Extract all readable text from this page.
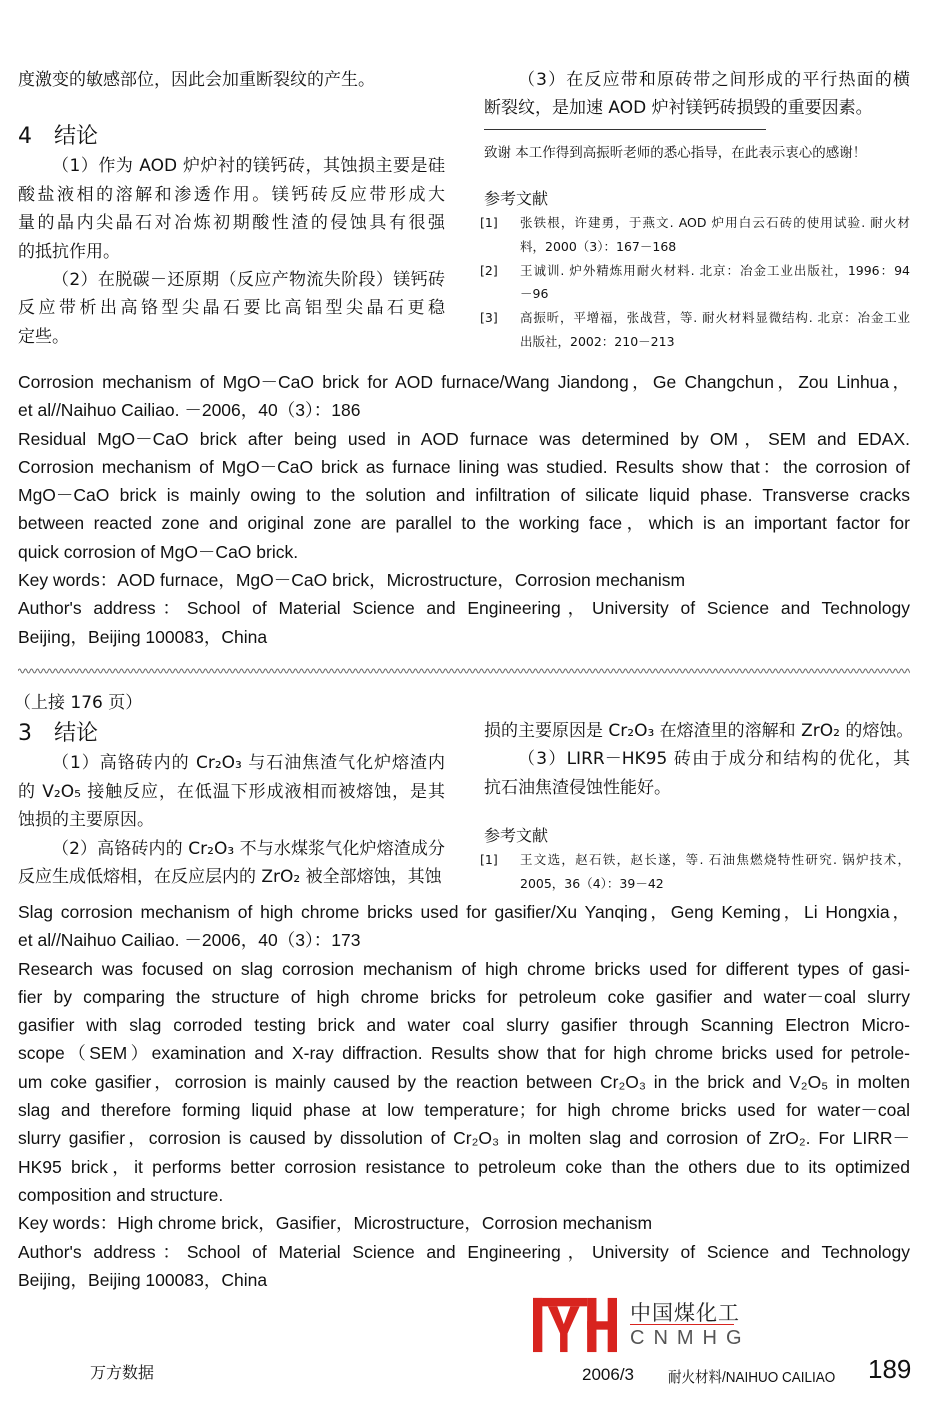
度激变的敏感部位，因此会加重断裂纹的产生。
4 结论
（1）作为 AOD 炉炉衬的镁钙砖，其蚀损主要是硅
酸盐液相的溶解和渗透作用。镁钙砖反应带形成大
量的晶内尖晶石对冶炼初期酸性渣的侵蚀具有很强
的抵抗作用。
（2）在脱碳－还原期（反应产物流失阶段）镁钙砖
反应带析出高铬型尖晶石要比高铝型尖晶石更稳
定些。
（3）在反应带和原砖带之间形成的平行热面的横
断裂纹，是加速 AOD 炉衬镁钙砖损毁的重要因素。
致谢 本工作得到高振昕老师的悉心指导，在此表示衷心的感谢！
参考文献
[1]	张铁根，许建勇，于燕文. AOD 炉用白云石砖的使用试验. 耐火材
料，2000（3）：167－168
[2]	王诚训. 炉外精炼用耐火材料. 北京：冶金工业出版社，1996：94
－96
[3]	高振昕，平增福，张战营，等. 耐火材料显微结构. 北京：冶金工业
出版社，2002：210－213
Corrosion mechanism of MgO－CaO brick for AOD furnace/Wang Jiandong，Ge Changchun，Zou Linhua，
et al//Naihuo Cailiao. －2006，40（3）：186
Residual MgO－CaO brick after being used in AOD furnace was determined by OM，SEM and EDAX.
Corrosion mechanism of MgO－CaO brick as furnace lining was studied. Results show that：the corrosion of
MgO－CaO brick is mainly owing to the solution and infiltration of silicate liquid phase. Transverse cracks
between reacted zone and original zone are parallel to the working face，which is an important factor for
quick corrosion of MgO－CaO brick.
Key words：AOD furnace，MgO－CaO brick，Microstructure，Corrosion mechanism
Author's address：School of Material Science and Engineering，University of Science and Technology
Beijing，Beijing 100083，China
（上接 176 页）
3 结论
（1）高铬砖内的 Cr₂O₃ 与石油焦渣气化炉熔渣内
的 V₂O₅ 接触反应，在低温下形成液相而被熔蚀，是其
蚀损的主要原因。
（2）高铬砖内的 Cr₂O₃ 不与水煤浆气化炉熔渣成分
反应生成低熔相，在反应层内的 ZrO₂ 被全部熔蚀，其蚀
损的主要原因是 Cr₂O₃ 在熔渣里的溶解和 ZrO₂ 的熔蚀。
（3）LIRR－HK95 砖由于成分和结构的优化，其
抗石油焦渣侵蚀性能好。
参考文献
[1]	王文选，赵石铁，赵长遂，等. 石油焦燃烧特性研究. 锅炉技术，
2005，36（4）：39－42
Slag corrosion mechanism of high chrome bricks used for gasifier/Xu Yanqing，Geng Keming，Li Hongxia，
et al//Naihuo Cailiao. －2006，40（3）：173
Research was focused on slag corrosion mechanism of high chrome bricks used for different types of gasi-
fier by comparing the structure of high chrome bricks for petroleum coke gasifier and water－coal slurry
gasifier with slag corroded testing brick and water coal slurry gasifier through Scanning Electron Micro-
scope（SEM）examination and X-ray diffraction. Results show that for high chrome bricks used for petrole-
um coke gasifier，corrosion is mainly caused by the reaction between Cr₂O₃ in the brick and V₂O₅ in molten
slag and therefore forming liquid phase at low temperature；for high chrome bricks used for water－coal
slurry gasifier，corrosion is caused by dissolution of Cr₂O₃ in molten slag and corrosion of ZrO₂. For LIRR－
HK95 brick，it performs better corrosion resistance to petroleum coke than the others due to its optimized
composition and structure.
Key words：High chrome brick，Gasifier，Microstructure，Corrosion mechanism
Author's address：School of Material Science and Engineering，University of Science and Technology
Beijing，Beijing 100083，China
中国煤化工
CNMHG
万方数据	2006/3 耐火材料/NAIHUO CAILIAO 189
